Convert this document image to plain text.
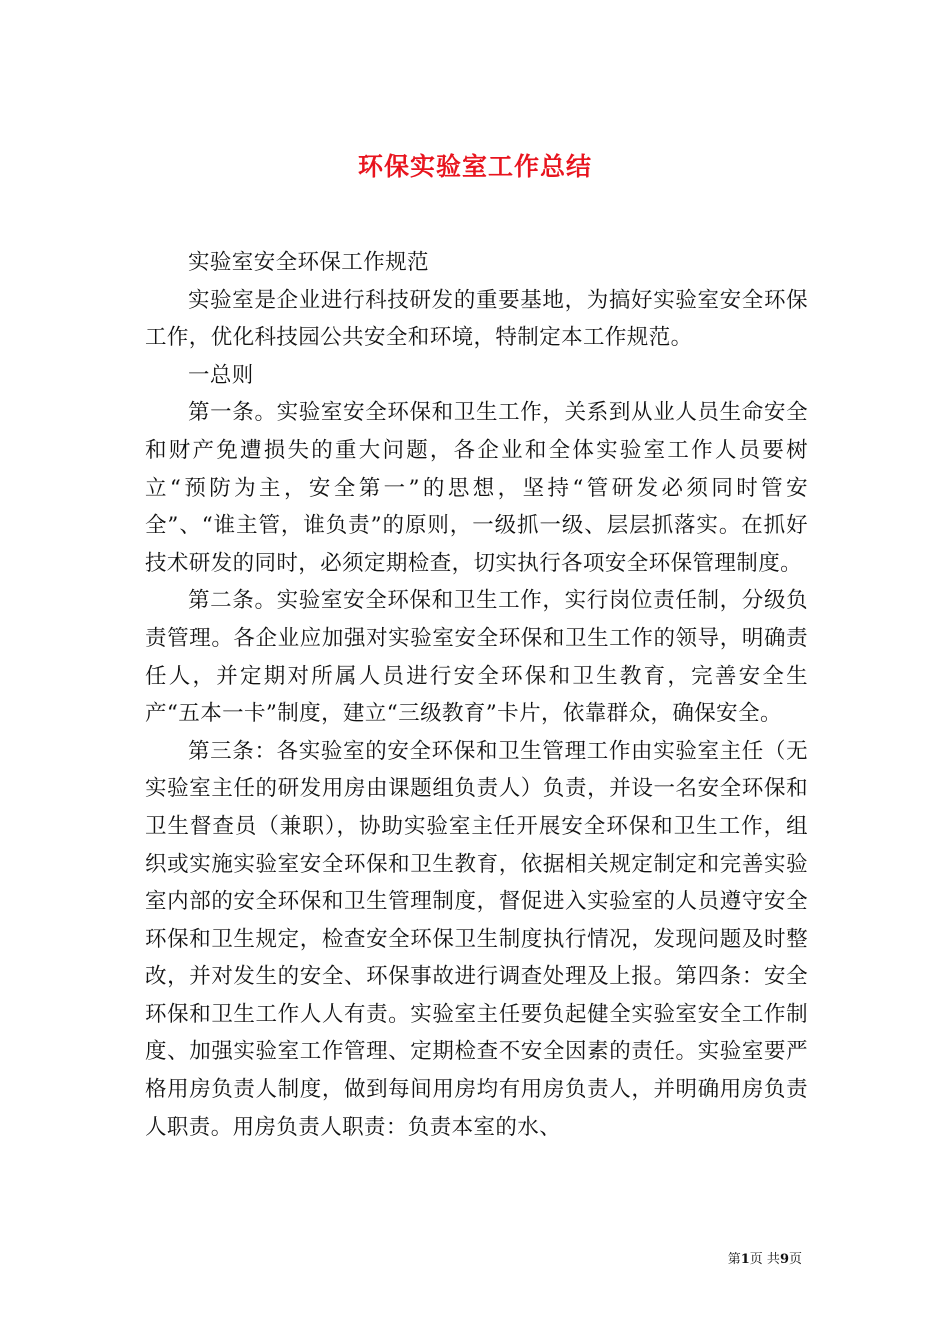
环保实验室工作总结

实验室安全环保工作规范

实验室是企业进行科技研发的重要基地，为搞好实验室安全环保工作，优化科技园公共安全和环境，特制定本工作规范。

一总则

第一条。实验室安全环保和卫生工作，关系到从业人员生命安全和财产免遭损失的重大问题，各企业和全体实验室工作人员要树立“预防为主，安全第一”的思想，坚持“管研发必须同时管安全”、“谁主管，谁负责”的原则，一级抓一级、层层抓落实。在抓好技术研发的同时，必须定期检查，切实执行各项安全环保管理制度。

第二条。实验室安全环保和卫生工作，实行岗位责任制，分级负责管理。各企业应加强对实验室安全环保和卫生工作的领导，明确责任人，并定期对所属人员进行安全环保和卫生教育，完善安全生产“五本一卡”制度，建立“三级教育”卡片，依靠群众，确保安全。

第三条：各实验室的安全环保和卫生管理工作由实验室主任（无实验室主任的研发用房由课题组负责人）负责，并设一名安全环保和卫生督查员（兼职），协助实验室主任开展安全环保和卫生工作，组织或实施实验室安全环保和卫生教育，依据相关规定制定和完善实验室内部的安全环保和卫生管理制度，督促进入实验室的人员遵守安全环保和卫生规定，检查安全环保卫生制度执行情况，发现问题及时整改，并对发生的安全、环保事故进行调查处理及上报。第四条：安全环保和卫生工作人人有责。实验室主任要负起健全实验室安全工作制度、加强实验室工作管理、定期检查不安全因素的责任。实验室要严格用房负责人制度，做到每间用房均有用房负责人，并明确用房负责人职责。用房负责人职责：负责本室的水、

第1页 共9页
